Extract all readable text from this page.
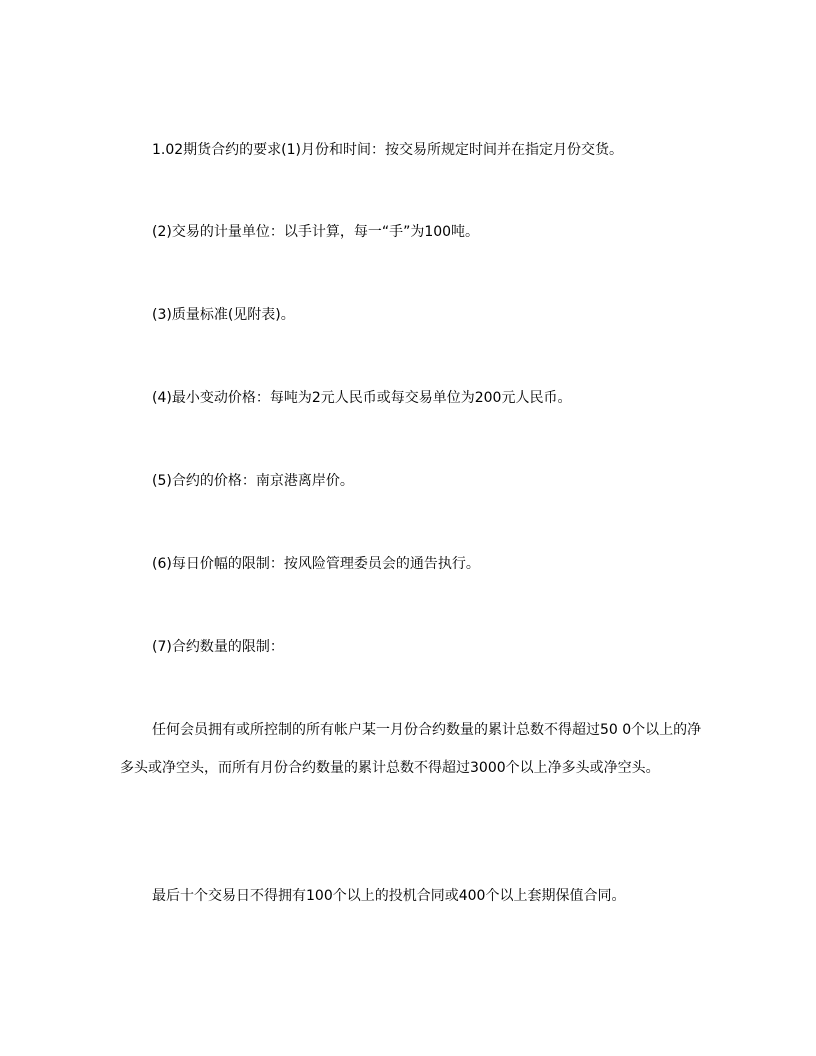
1.02期货合约的要求(1)月份和时间：按交易所规定时间并在指定月份交货。

(2)交易的计量单位：以手计算，每一“手”为100吨。

(3)质量标准(见附表)。

(4)最小变动价格：每吨为2元人民币或每交易单位为200元人民币。

(5)合约的价格：南京港离岸价。

(6)每日价幅的限制：按风险管理委员会的通告执行。

(7)合约数量的限制：

任何会员拥有或所控制的所有帐户某一月份合约数量的累计总数不得超过50 0个以上的净多头或净空头，而所有月份合约数量的累计总数不得超过3000个以上净多头或净空头。

最后十个交易日不得拥有100个以上的投机合同或400个以上套期保值合同。
